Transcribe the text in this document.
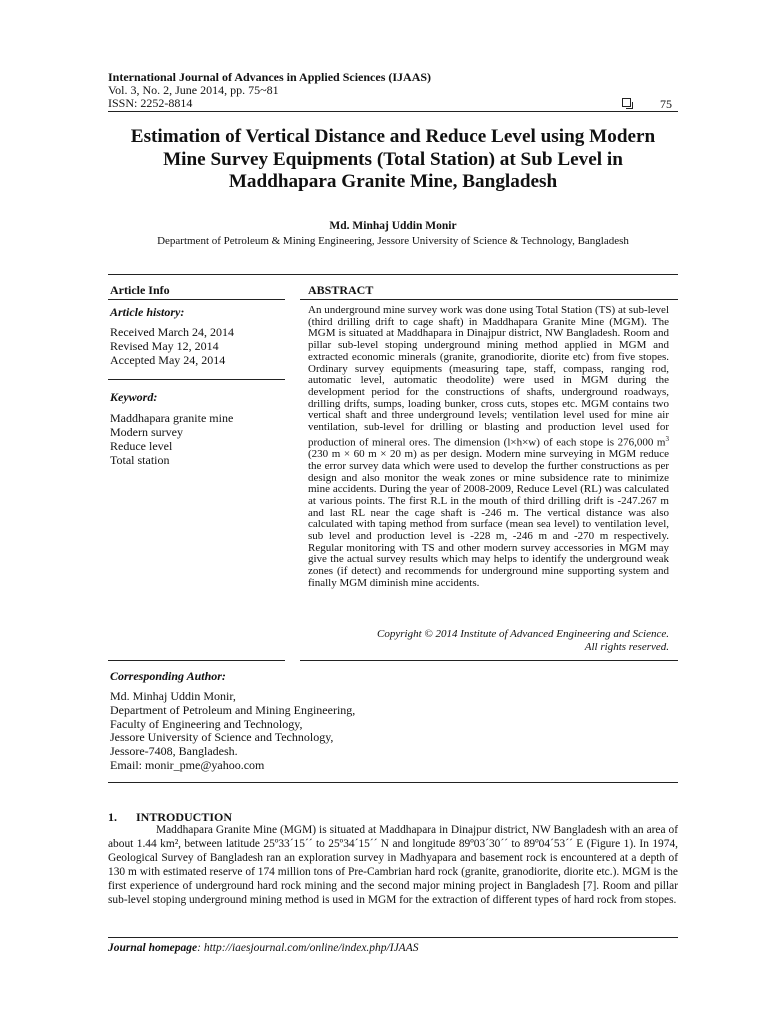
International Journal of Advances in Applied Sciences (IJAAS)
Vol. 3, No. 2, June 2014, pp. 75~81
ISSN: 2252-8814	75
Estimation of Vertical Distance and Reduce Level using Modern
Mine Survey Equipments (Total Station) at Sub Level in
Maddhapara Granite Mine, Bangladesh
Md. Minhaj Uddin Monir
Department of Petroleum & Mining Engineering, Jessore University of Science & Technology, Bangladesh
Article Info	ABSTRACT
Article history:
Received March 24, 2014
Revised May 12, 2014
Accepted May 24, 2014
Keyword:
Maddhapara granite mine
Modern survey
Reduce level
Total station
An underground mine survey work was done using Total Station (TS) at sub-level (third drilling drift to cage shaft) in Maddhapara Granite Mine (MGM). The MGM is situated at Maddhapara in Dinajpur district, NW Bangladesh. Room and pillar sub-level stoping underground mining method applied in MGM and extracted economic minerals (granite, granodiorite, diorite etc) from five stopes. Ordinary survey equipments (measuring tape, staff, compass, ranging rod, automatic level, automatic theodolite) were used in MGM during the development period for the constructions of shafts, underground roadways, drilling drifts, sumps, loading bunker, cross cuts, stopes etc. MGM contains two vertical shaft and three underground levels; ventilation level used for mine air ventilation, sub-level for drilling or blasting and production level used for production of mineral ores. The dimension (l×h×w) of each stope is 276,000 $m^3$ (230 m × 60 m × 20 m) as per design. Modern mine surveying in MGM reduce the error survey data which were used to develop the further constructions as per design and also monitor the weak zones or mine subsidence rate to minimize mine accidents. During the year of 2008-2009, Reduce Level (RL) was calculated at various points. The first R.L in the mouth of third drilling drift is -247.267 m and last RL near the cage shaft is -246 m. The vertical distance was also calculated with taping method from surface (mean sea level) to ventilation level, sub level and production level is -228 m, -246 m and -270 m respectively. Regular monitoring with TS and other modern survey accessories in MGM may give the actual survey results which may helps to identify the underground weak zones (if detect) and recommends for underground mine supporting system and finally MGM diminish mine accidents.
Copyright © 2014 Institute of Advanced Engineering and Science.
All rights reserved.
Corresponding Author:
Md. Minhaj Uddin Monir,
Department of Petroleum and Mining Engineering,
Faculty of Engineering and Technology,
Jessore University of Science and Technology,
Jessore-7408, Bangladesh.
Email: monir_pme@yahoo.com
1. INTRODUCTION
Maddhapara Granite Mine (MGM) is situated at Maddhapara in Dinajpur district, NW Bangladesh with an area of about 1.44 km², between latitude 25º33´15´´ to 25º34´15´´ N and longitude 89º03´30´´ to 89º04´53´´ E (Figure 1). In 1974, Geological Survey of Bangladesh ran an exploration survey in Madhyapara and basement rock is encountered at a depth of 130 m with estimated reserve of 174 million tons of Pre-Cambrian hard rock (granite, granodiorite, diorite etc.). MGM is the first experience of underground hard rock mining and the second major mining project in Bangladesh [7]. Room and pillar sub-level stoping underground mining method is used in MGM for the extraction of different types of hard rock from stopes.
Journal homepage: http://iaesjournal.com/online/index.php/IJAAS
